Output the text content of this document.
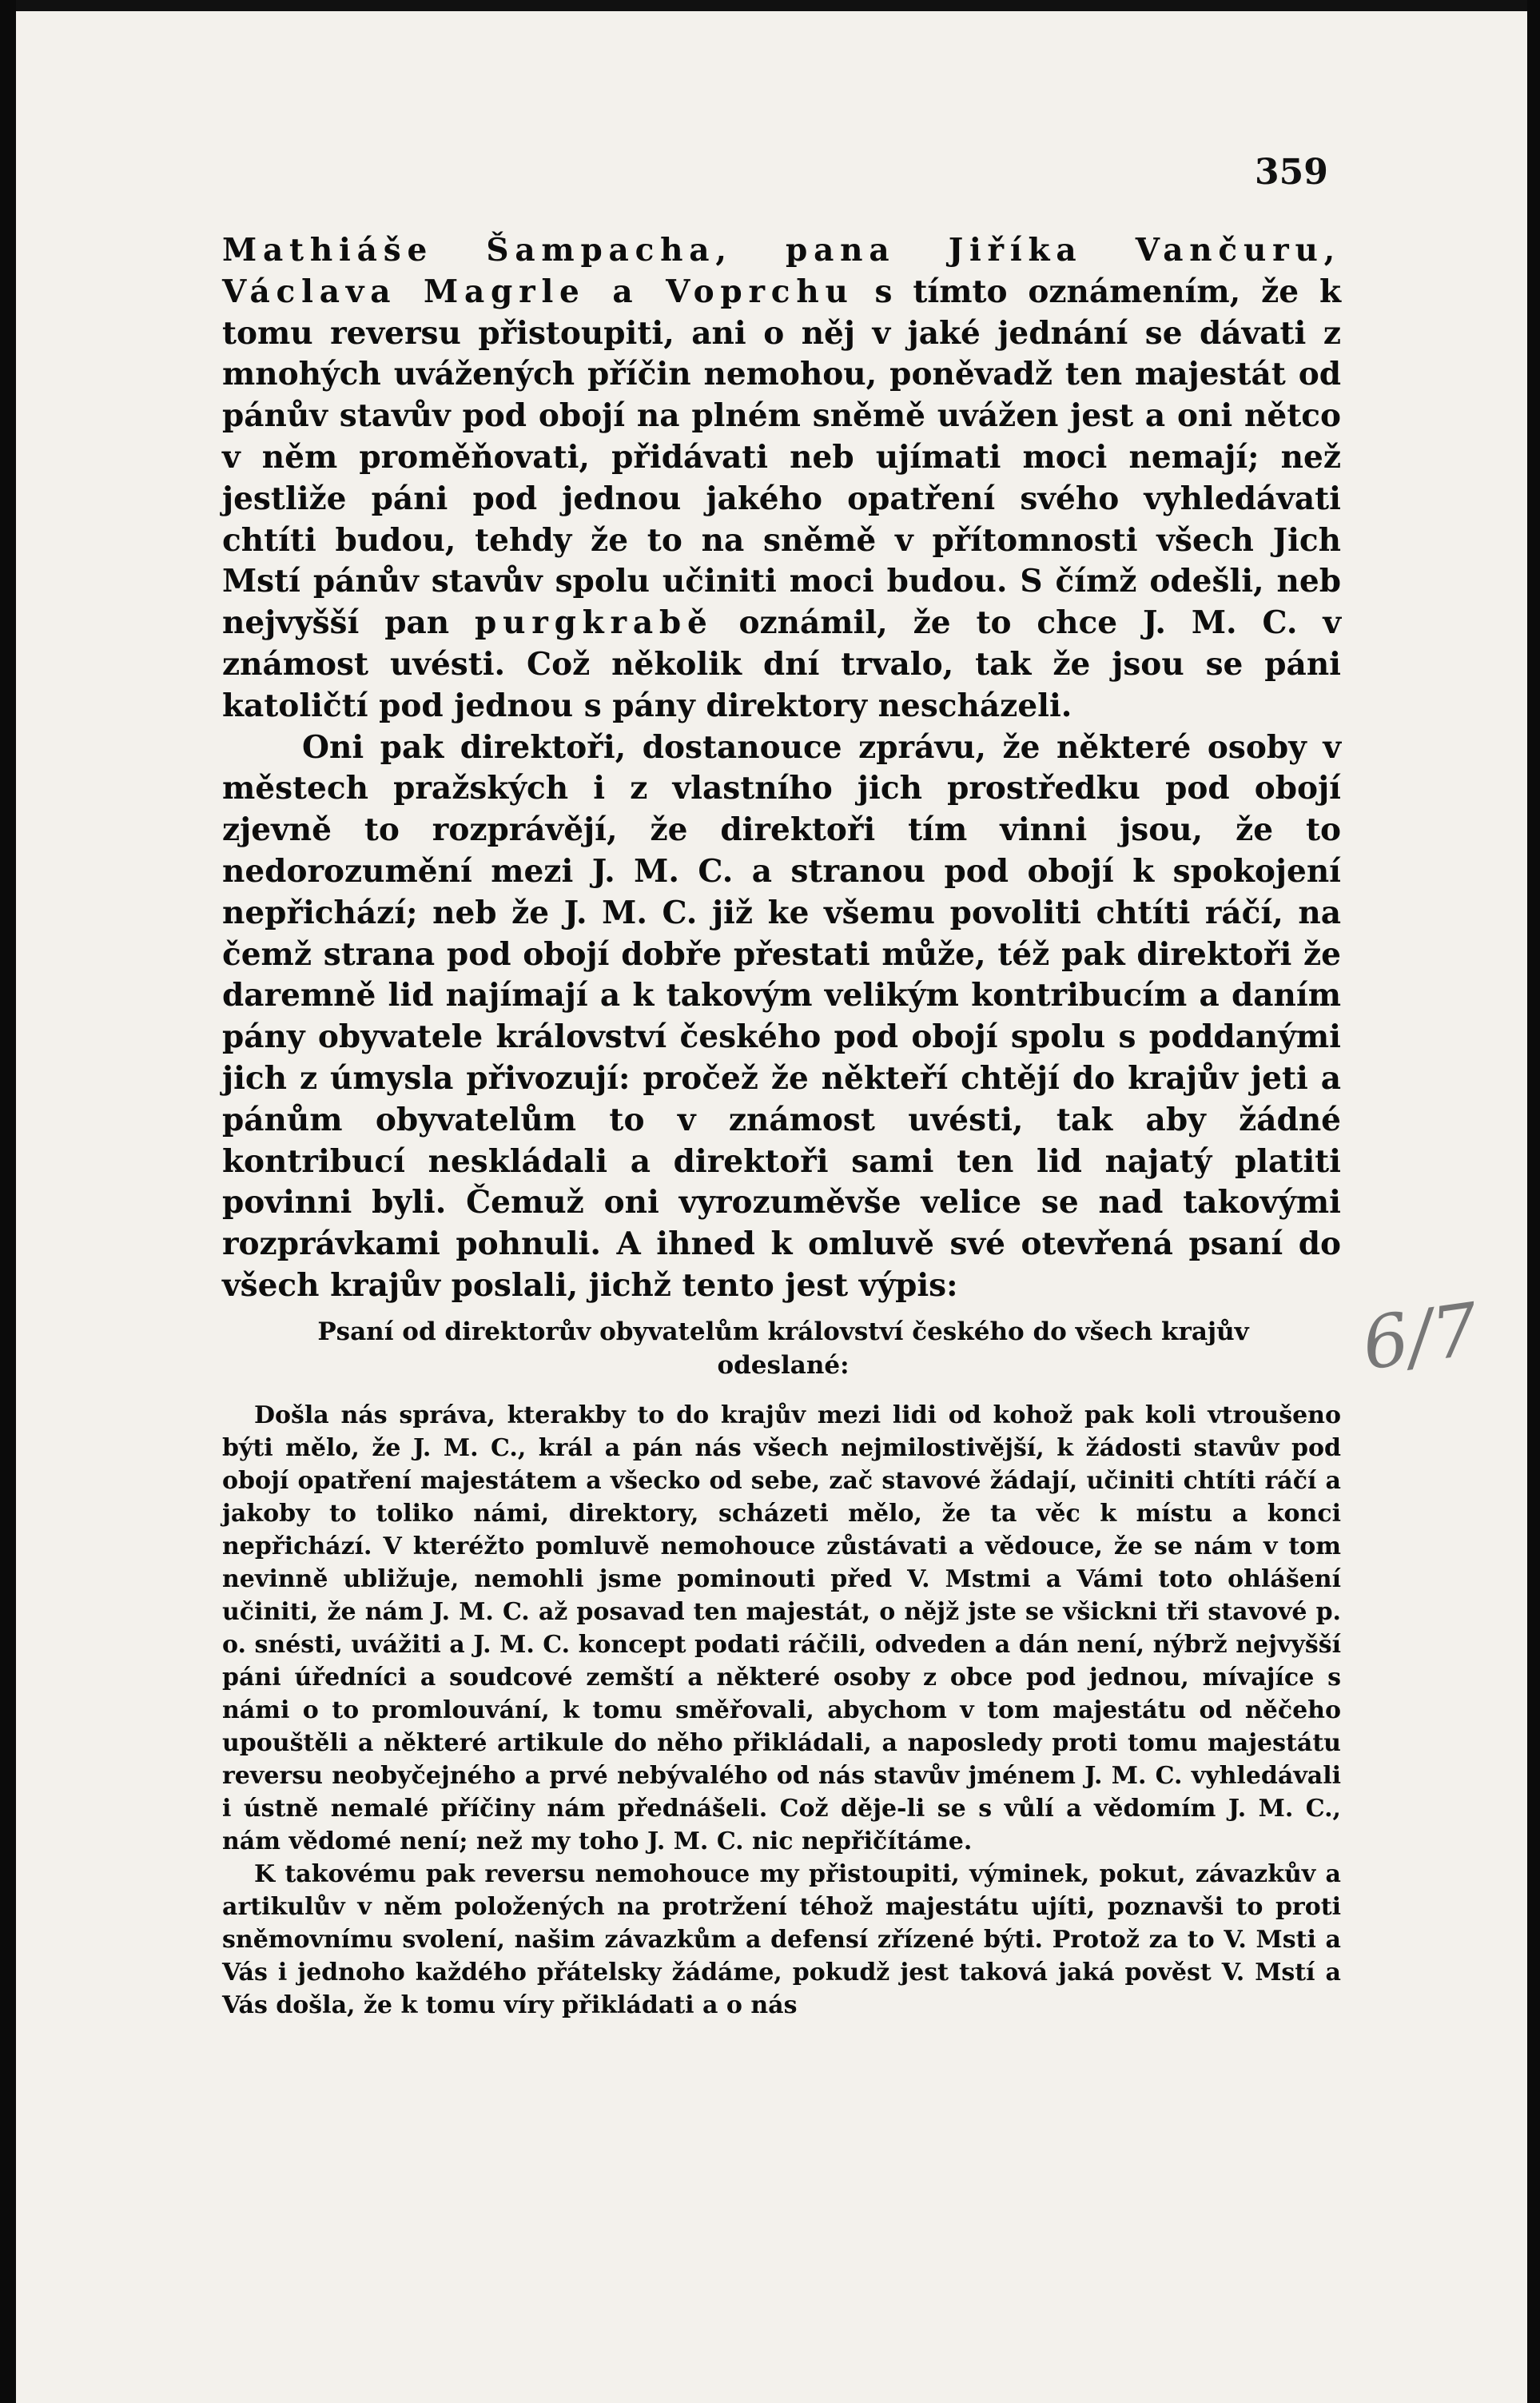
359

Mathiáše Šampacha, pana Jiříka Vančuru, Václava Magrle a Voprchu s tímto oznámením, že k tomu reversu přistoupiti, ani o něj v jaké jednání se dávati z mnohých uvážených příčin nemohou, poněvadž ten majestát od pánův stavův pod obojí na plném sněmě uvážen jest a oni nětco v něm proměňovati, přidávati neb ujímati moci nemají; než jestliže páni pod jednou jakého opatření svého vyhledávati chtíti budou, tehdy že to na sněmě v přítomnosti všech Jich Mstí pánův stavův spolu učiniti moci budou. S čímž odešli, neb nejvyšší pan purgkrabě oznámil, že to chce J. M. C. v známost uvésti. Což několik dní trvalo, tak že jsou se páni katoličtí pod jednou s pány direktory nescházeli.

Oni pak direktoři, dostanouce zprávu, že některé osoby v městech pražských i z vlastního jich prostředku pod obojí zjevně to rozprávějí, že direktoři tím vinni jsou, že to nedorozumění mezi J. M. C. a stranou pod obojí k spokojení nepřichází; neb že J. M. C. již ke všemu povoliti chtíti ráčí, na čemž strana pod obojí dobře přestati může, též pak direktoři že daremně lid najímají a k takovým velikým kontribucím a daním pány obyvatele království českého pod obojí spolu s poddanými jich z úmysla přivozují: pročež že někteří chtějí do krajův jeti a pánům obyvatelům to v známost uvésti, tak aby žádné kontribucí neskládali a direktoři sami ten lid najatý platiti povinni byli. Čemuž oni vyrozuměvše velice se nad takovými rozprávkami pohnuli. A ihned k omluvě své otevřená psaní do všech krajův poslali, jichž tento jest výpis:

6/7
Psaní od direktorův obyvatelům království českého do všech krajův odeslané:

Došla nás správa, kterakby to do krajův mezi lidi od kohož pak koli vtroušeno býti mělo, že J. M. C., král a pán nás všech nejmilostivější, k žádosti stavův pod obojí opatření majestátem a všecko od sebe, zač stavové žádají, učiniti chtíti ráčí a jakoby to toliko námi, direktory, scházeti mělo, že ta věc k místu a konci nepřichází. V kteréžto pomluvě nemohouce zůstávati a vědouce, že se nám v tom nevinně ubližuje, nemohli jsme pominouti před V. Mstmi a Vámi toto ohlášení učiniti, že nám J. M. C. až posavad ten majestát, o nějž jste se všickni tři stavové p. o. snésti, uvážiti a J. M. C. koncept podati ráčili, odveden a dán není, nýbrž nejvyšší páni úředníci a soudcové zemští a některé osoby z obce pod jednou, mívajíce s námi o to promlouvání, k tomu směřovali, abychom v tom majestátu od něčeho upouštěli a některé artikule do něho přikládali, a naposledy proti tomu majestátu reversu neobyčejného a prvé nebývalého od nás stavův jménem J. M. C. vyhledávali i ústně nemalé příčiny nám přednášeli. Což děje-li se s vůlí a vědomím J. M. C., nám vědomé není; než my toho J. M. C. nic nepřičítáme.

K takovému pak reversu nemohouce my přistoupiti, výminek, pokut, závazkův a artikulův v něm položených na protržení téhož majestátu ujíti, poznavši to proti sněmovnímu svolení, našim závazkům a defensí zřízené býti. Protož za to V. Msti a Vás i jednoho každého přátelsky žádáme, pokudž jest taková jaká pověst V. Mstí a Vás došla, že k tomu víry přikládati a o nás
